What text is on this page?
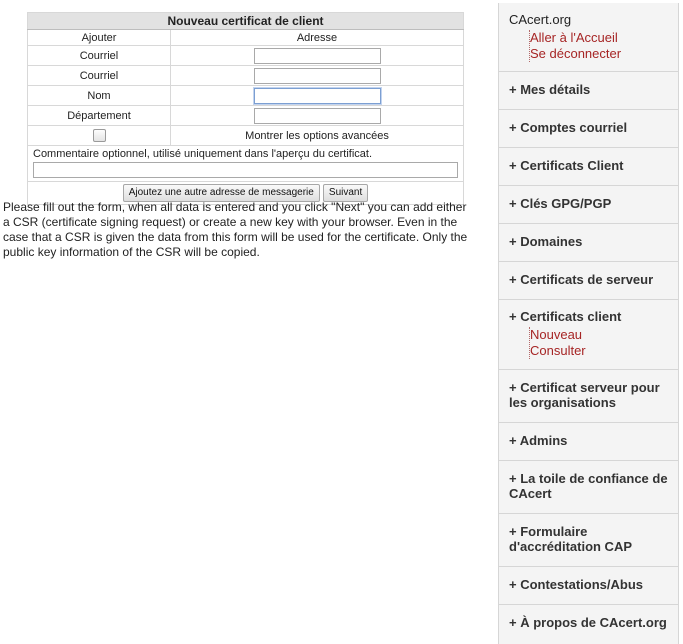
Nouveau certificat de client	
Ajouter	Adresse
Courriel	
Courriel	
Nom	
Département	
	Montrer les options avancées

Commentaire optionnel, utilisé uniquement dans l'aperçu du certificat.	

Ajoutez une autre adresse de messagerie Suivant	

Please fill out the form, when all data is entered and you click "Next" you can add either a CSR (certificate signing request) or create a new key with your browser. Even in the case that a CSR is given the data from this form will be used for the certificate. Only the public key information of the CSR will be copied.

CAcert.org
Aller à l'Accueil
Se déconnecter
+ Mes détails
+ Comptes courriel
+ Certificats Client
+ Clés GPG/PGP
+ Domaines
+ Certificats de serveur
+ Certificats client
Nouveau
Consulter
+ Certificat serveur pour les organisations
+ Admins
+ La toile de confiance de CAcert
+ Formulaire d'accréditation CAP
+ Contestations/Abus
+ À propos de CAcert.org
